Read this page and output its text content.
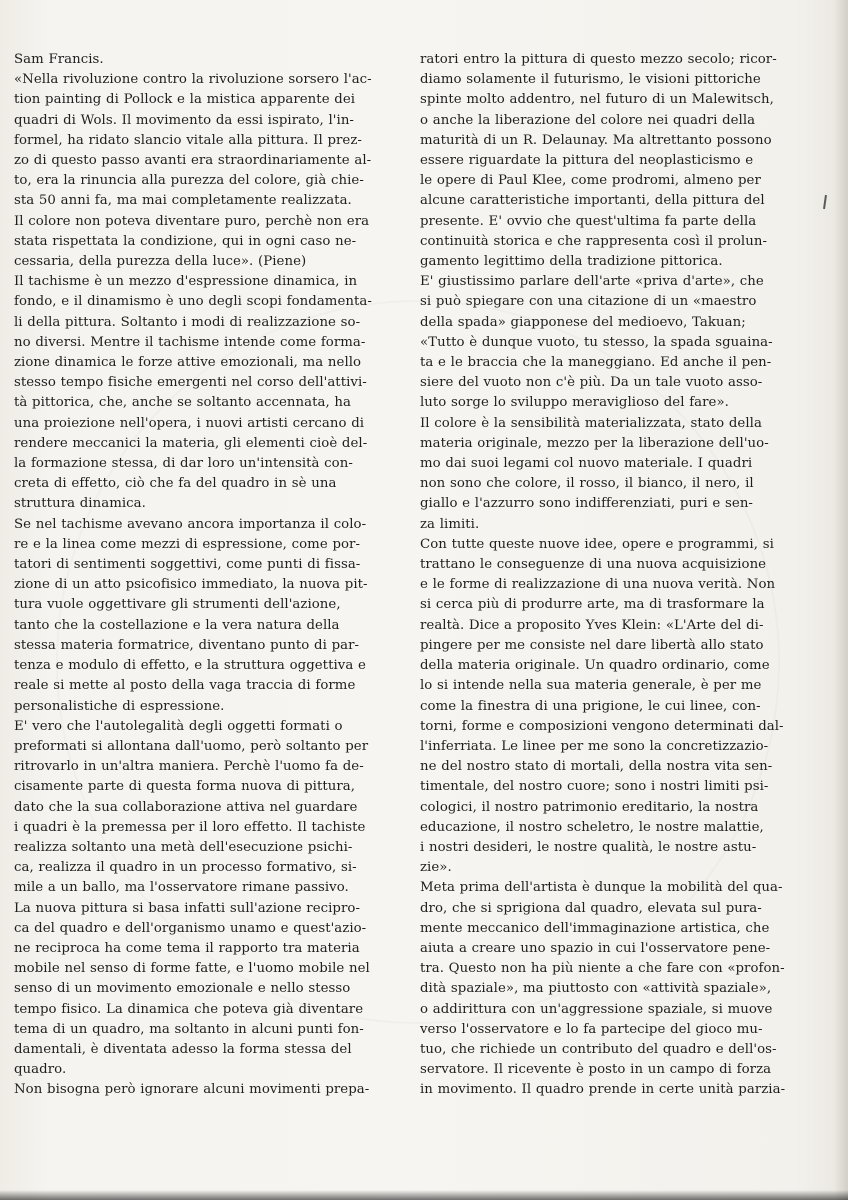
Sam Francis.
«Nella rivoluzione contro la rivoluzione sorsero l'ac-
tion painting di Pollock e la mistica apparente dei
quadri di Wols. Il movimento da essi ispirato, l'in-
formel, ha ridato slancio vitale alla pittura. Il prez-
zo di questo passo avanti era straordinariamente al-
to, era la rinuncia alla purezza del colore, già chie-
sta 50 anni fa, ma mai completamente realizzata.
Il colore non poteva diventare puro, perchè non era
stata rispettata la condizione, qui in ogni caso ne-
cessaria, della purezza della luce». (Piene)
Il tachisme è un mezzo d'espressione dinamica, in
fondo, e il dinamismo è uno degli scopi fondamenta-
li della pittura. Soltanto i modi di realizzazione so-
no diversi. Mentre il tachisme intende come forma-
zione dinamica le forze attive emozionali, ma nello
stesso tempo fisiche emergenti nel corso dell'attivi-
tà pittorica, che, anche se soltanto accennata, ha
una proiezione nell'opera, i nuovi artisti cercano di
rendere meccanici la materia, gli elementi cioè del-
la formazione stessa, di dar loro un'intensità con-
creta di effetto, ciò che fa del quadro in sè una
struttura dinamica.
Se nel tachisme avevano ancora importanza il colo-
re e la linea come mezzi di espressione, come por-
tatori di sentimenti soggettivi, come punti di fissa-
zione di un atto psicofisico immediato, la nuova pit-
tura vuole oggettivare gli strumenti dell'azione,
tanto che la costellazione e la vera natura della
stessa materia formatrice, diventano punto di par-
tenza e modulo di effetto, e la struttura oggettiva e
reale si mette al posto della vaga traccia di forme
personalistiche di espressione.
E' vero che l'autolegalità degli oggetti formati o
preformati si allontana dall'uomo, però soltanto per
ritrovarlo in un'altra maniera. Perchè l'uomo fa de-
cisamente parte di questa forma nuova di pittura,
dato che la sua collaborazione attiva nel guardare
i quadri è la premessa per il loro effetto. Il tachiste
realizza soltanto una metà dell'esecuzione psichi-
ca, realizza il quadro in un processo formativo, si-
mile a un ballo, ma l'osservatore rimane passivo.
La nuova pittura si basa infatti sull'azione recipro-
ca del quadro e dell'organismo unamo e quest'azio-
ne reciproca ha come tema il rapporto tra materia
mobile nel senso di forme fatte, e l'uomo mobile nel
senso di un movimento emozionale e nello stesso
tempo fisico. La dinamica che poteva già diventare
tema di un quadro, ma soltanto in alcuni punti fon-
damentali, è diventata adesso la forma stessa del
quadro.
Non bisogna però ignorare alcuni movimenti prepa-
ratori entro la pittura di questo mezzo secolo; ricor-
diamo solamente il futurismo, le visioni pittoriche
spinte molto addentro, nel futuro di un Malewitsch,
o anche la liberazione del colore nei quadri della
maturità di un R. Delaunay. Ma altrettanto possono
essere riguardate la pittura del neoplasticismo e
le opere di Paul Klee, come prodromi, almeno per
alcune caratteristiche importanti, della pittura del
presente. E' ovvio che quest'ultima fa parte della
continuità storica e che rappresenta così il prolun-
gamento legittimo della tradizione pittorica.
E' giustissimo parlare dell'arte «priva d'arte», che
si può spiegare con una citazione di un «maestro
della spada» giapponese del medioevo, Takuan;
«Tutto è dunque vuoto, tu stesso, la spada sguaina-
ta e le braccia che la maneggiano. Ed anche il pen-
siere del vuoto non c'è più. Da un tale vuoto asso-
luto sorge lo sviluppo meraviglioso del fare».
Il colore è la sensibilità materializzata, stato della
materia originale, mezzo per la liberazione dell'uo-
mo dai suoi legami col nuovo materiale. I quadri
non sono che colore, il rosso, il bianco, il nero, il
giallo e l'azzurro sono indifferenziati, puri e sen-
za limiti.
Con tutte queste nuove idee, opere e programmi, si
trattano le conseguenze di una nuova acquisizione
e le forme di realizzazione di una nuova verità. Non
si cerca più di produrre arte, ma di trasformare la
realtà. Dice a proposito Yves Klein: «L'Arte del di-
pingere per me consiste nel dare libertà allo stato
della materia originale. Un quadro ordinario, come
lo si intende nella sua materia generale, è per me
come la finestra di una prigione, le cui linee, con-
torni, forme e composizioni vengono determinati dal-
l'inferriata. Le linee per me sono la concretizzazio-
ne del nostro stato di mortali, della nostra vita sen-
timentale, del nostro cuore; sono i nostri limiti psi-
cologici, il nostro patrimonio ereditario, la nostra
educazione, il nostro scheletro, le nostre malattie,
i nostri desideri, le nostre qualità, le nostre astu-
zie».
Meta prima dell'artista è dunque la mobilità del qua-
dro, che si sprigiona dal quadro, elevata sul pura-
mente meccanico dell'immaginazione artistica, che
aiuta a creare uno spazio in cui l'osservatore pene-
tra. Questo non ha più niente a che fare con «profon-
dità spaziale», ma piuttosto con «attività spaziale»,
o addirittura con un'aggressione spaziale, si muove
verso l'osservatore e lo fa partecipe del gioco mu-
tuo, che richiede un contributo del quadro e dell'os-
servatore. Il ricevente è posto in un campo di forza
in movimento. Il quadro prende in certe unità parzia-
